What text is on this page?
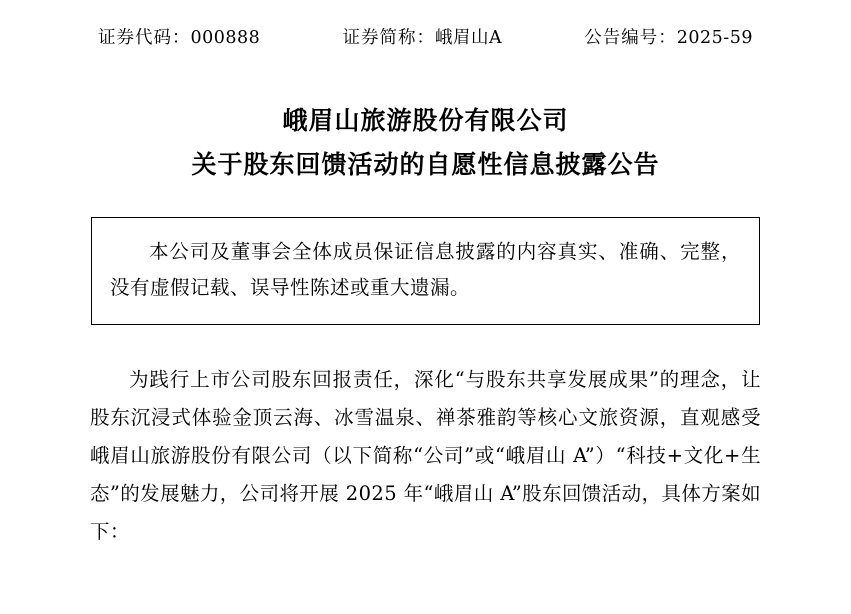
证券代码：000888	证券简称：峨眉山A	公告编号：2025-59
峨眉山旅游股份有限公司
关于股东回馈活动的自愿性信息披露公告

本公司及董事会全体成员保证信息披露的内容真实、准确、完整，没有虚假记载、误导性陈述或重大遗漏。

为践行上市公司股东回报责任，深化“与股东共享发展成果”的理念，让股东沉浸式体验金顶云海、冰雪温泉、禅茶雅韵等核心文旅资源，直观感受峨眉山旅游股份有限公司（以下简称“公司”或“峨眉山 A”）“科技+文化+生态”的发展魅力，公司将开展 2025 年“峨眉山 A”股东回馈活动，具体方案如下：
